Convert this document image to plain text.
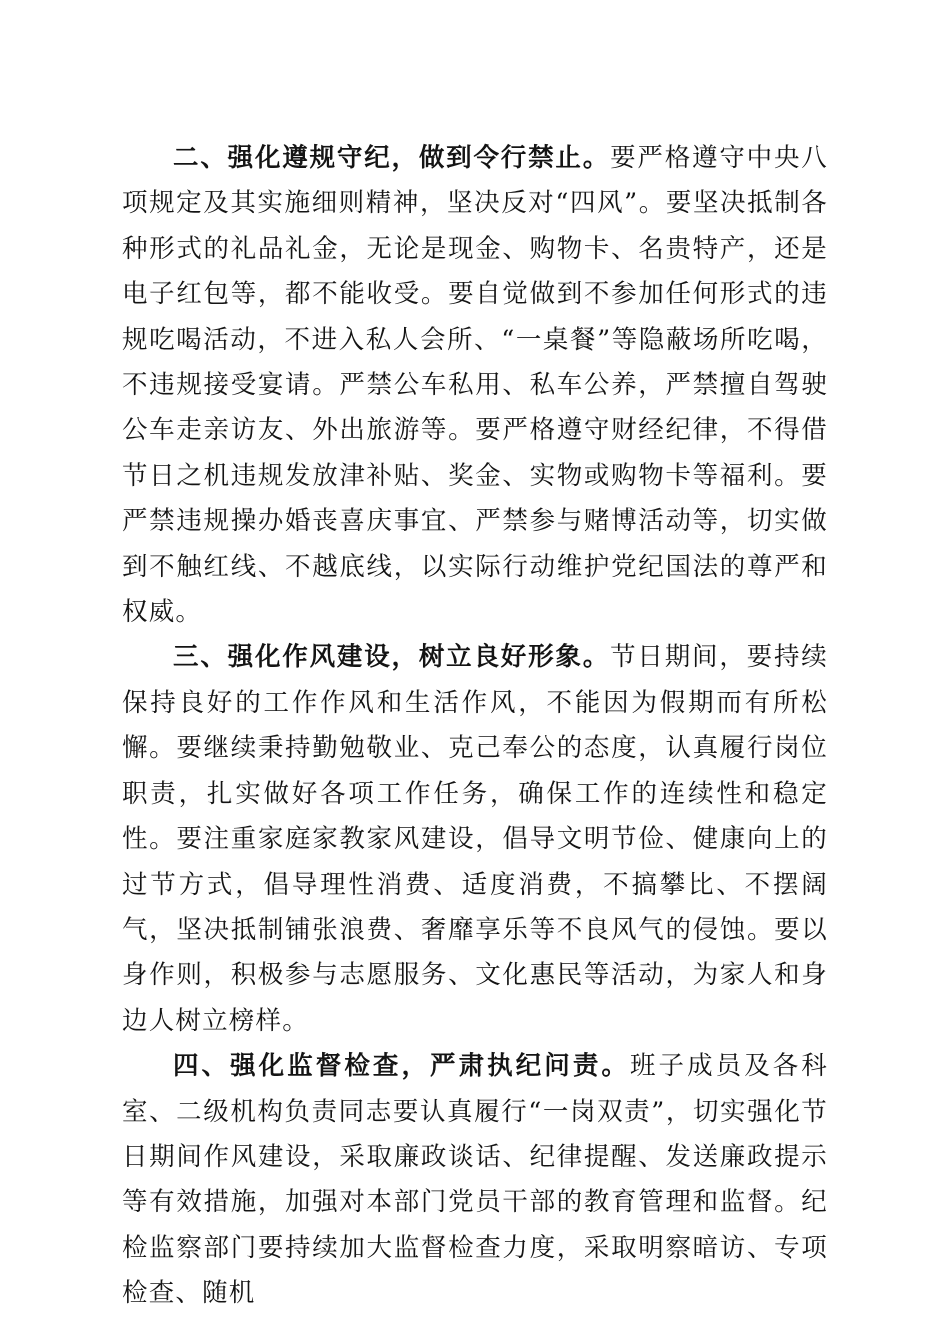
二、强化遵规守纪，做到令行禁止。要严格遵守中央八项规定及其实施细则精神，坚决反对“四风”。要坚决抵制各种形式的礼品礼金，无论是现金、购物卡、名贵特产，还是电子红包等，都不能收受。要自觉做到不参加任何形式的违规吃喝活动，不进入私人会所、“一桌餐”等隐蔽场所吃喝，不违规接受宴请。严禁公车私用、私车公养，严禁擅自驾驶公车走亲访友、外出旅游等。要严格遵守财经纪律，不得借节日之机违规发放津补贴、奖金、实物或购物卡等福利。要严禁违规操办婚丧喜庆事宜、严禁参与赌博活动等，切实做到不触红线、不越底线，以实际行动维护党纪国法的尊严和权威。

三、强化作风建设，树立良好形象。节日期间，要持续保持良好的工作作风和生活作风，不能因为假期而有所松懈。要继续秉持勤勉敬业、克己奉公的态度，认真履行岗位职责，扎实做好各项工作任务，确保工作的连续性和稳定性。要注重家庭家教家风建设，倡导文明节俭、健康向上的过节方式，倡导理性消费、适度消费，不搞攀比、不摆阔气，坚决抵制铺张浪费、奢靡享乐等不良风气的侵蚀。要以身作则，积极参与志愿服务、文化惠民等活动，为家人和身边人树立榜样。

四、强化监督检查，严肃执纪问责。班子成员及各科室、二级机构负责同志要认真履行“一岗双责”，切实强化节日期间作风建设，采取廉政谈话、纪律提醒、发送廉政提示等有效措施，加强对本部门党员干部的教育管理和监督。纪检监察部门要持续加大监督检查力度，采取明察暗访、专项检查、随机
